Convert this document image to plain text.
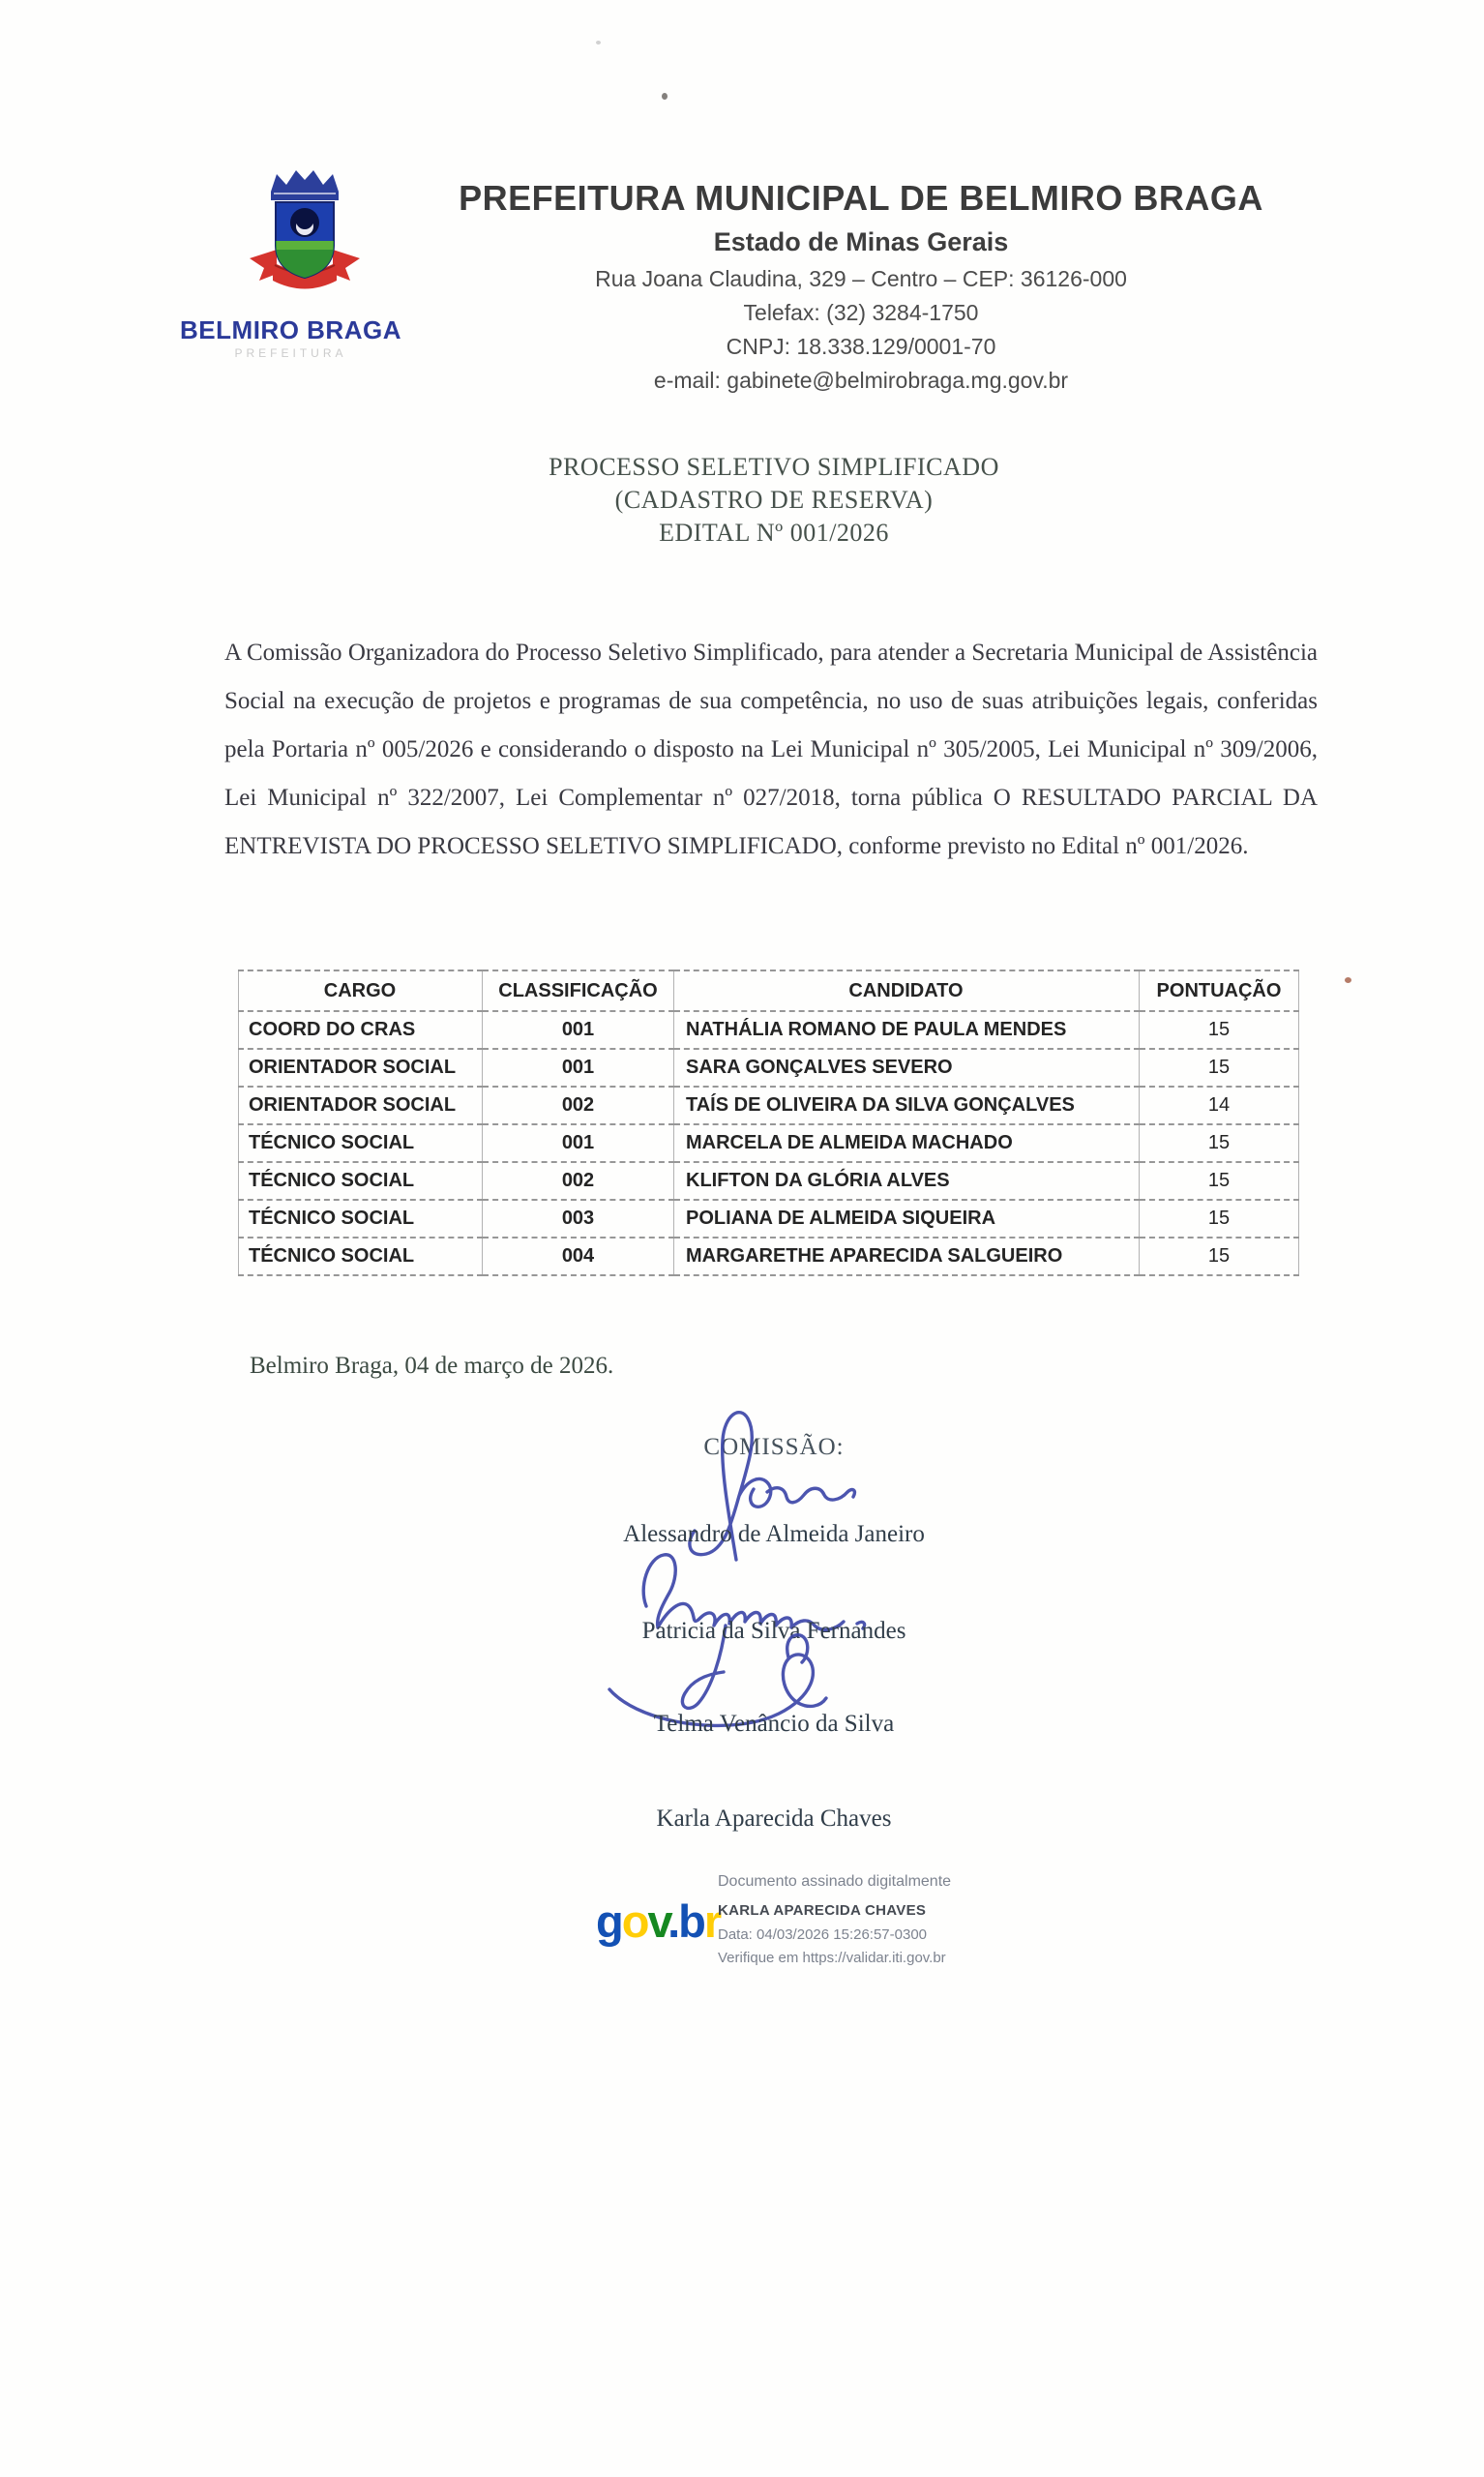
BELMIRO BRAGA
PREFEITURA
PREFEITURA MUNICIPAL DE BELMIRO BRAGA
Estado de Minas Gerais
Rua Joana Claudina, 329 – Centro – CEP: 36126-000
Telefax: (32) 3284-1750
CNPJ: 18.338.129/0001-70
e-mail: gabinete@belmirobraga.mg.gov.br
PROCESSO SELETIVO SIMPLIFICADO
(CADASTRO DE RESERVA)
EDITAL Nº 001/2026
A Comissão Organizadora do Processo Seletivo Simplificado, para atender a Secretaria Municipal de Assistência Social na execução de projetos e programas de sua competência, no uso de suas atribuições legais, conferidas pela Portaria nº 005/2026 e considerando o disposto na Lei Municipal nº 305/2005, Lei Municipal nº 309/2006, Lei Municipal nº 322/2007, Lei Complementar nº 027/2018, torna pública O RESULTADO PARCIAL DA ENTREVISTA DO PROCESSO SELETIVO SIMPLIFICADO, conforme previsto no Edital nº 001/2026.
CARGO	CLASSIFICAÇÃO	CANDIDATO	PONTUAÇÃO
COORD DO CRAS	001	NATHÁLIA ROMANO DE PAULA MENDES	15
ORIENTADOR SOCIAL	001	SARA GONÇALVES SEVERO	15
ORIENTADOR SOCIAL	002	TAÍS DE OLIVEIRA DA SILVA GONÇALVES	14
TÉCNICO SOCIAL	001	MARCELA DE ALMEIDA MACHADO	15
TÉCNICO SOCIAL	002	KLIFTON DA GLÓRIA ALVES	15
TÉCNICO SOCIAL	003	POLIANA DE ALMEIDA SIQUEIRA	15
TÉCNICO SOCIAL	004	MARGARETHE APARECIDA SALGUEIRO	15
Belmiro Braga, 04 de março de 2026.
COMISSÃO:
Alessandro de Almeida Janeiro
Patricia da Silva Fernandes
Telma Venâncio da Silva
Karla Aparecida Chaves
Documento assinado digitalmente
gov.br
KARLA APARECIDA CHAVES
Data: 04/03/2026 15:26:57-0300
Verifique em https://validar.iti.gov.br
